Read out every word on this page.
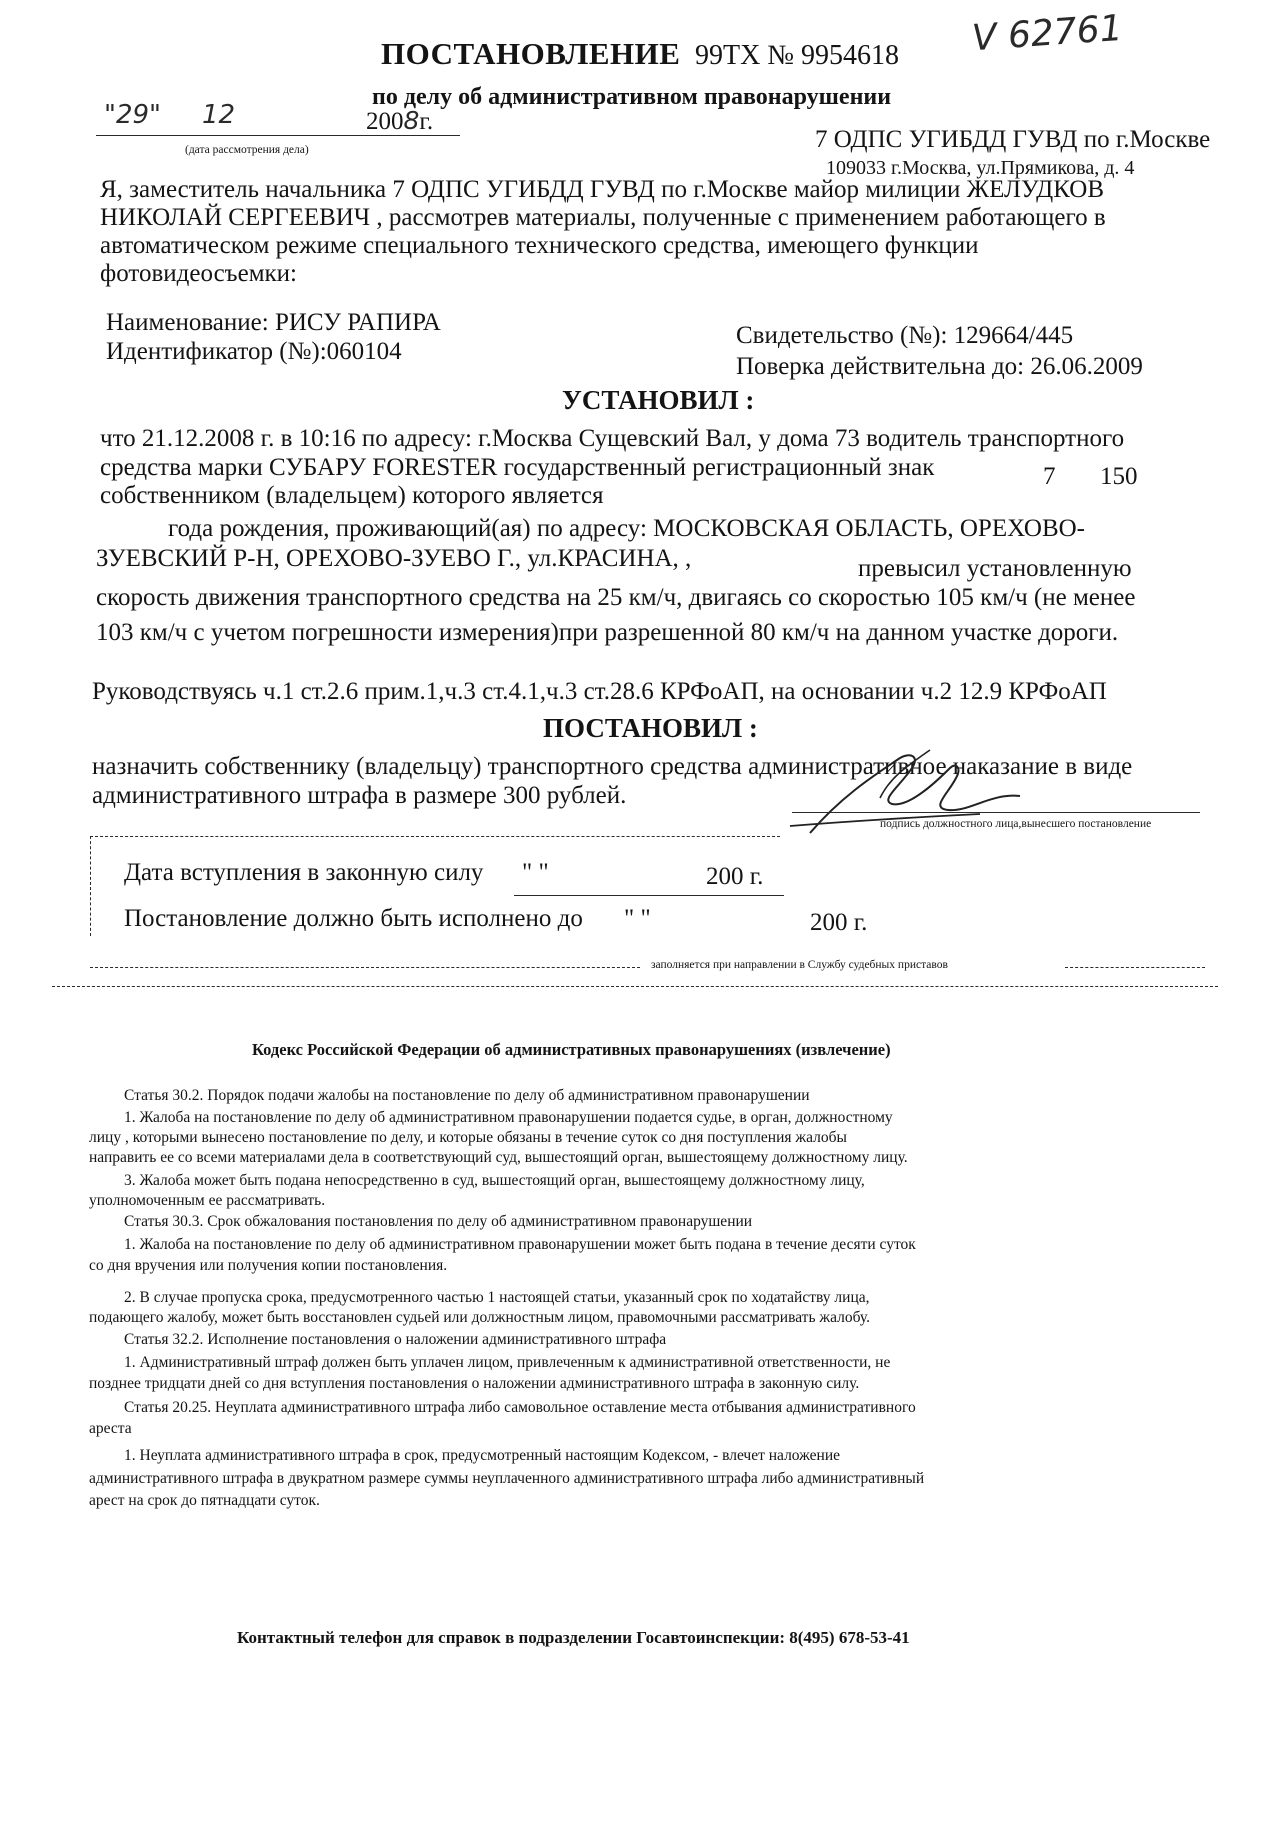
ПОСТАНОВЛЕНИЕ 99ТХ № 9954618 V 62761
по делу об административном правонарушении
"29" 12	2008г.
(дата рассмотрения дела)	7 ОДПС УГИБДД ГУВД по г.Москве
109033 г.Москва, ул.Прямикова, д. 4
Я, заместитель начальника 7 ОДПС УГИБДД ГУВД по г.Москве майор милиции ЖЕЛУДКОВ
НИКОЛАЙ СЕРГЕЕВИЧ , рассмотрев материалы, полученные с применением работающего в
автоматическом режиме специального технического средства, имеющего функции
фотовидеосъемки:
Наименование: РИСУ РАПИРА
Идентификатор (№):060104
Свидетельство (№): 129664/445
Поверка действительна до: 26.06.2009
УСТАНОВИЛ :
что 21.12.2008 г. в 10:16 по адресу: г.Москва Сущевский Вал, у дома 73 водитель транспортного
средства марки СУБАРУ FORESTER государственный регистрационный знак	7 150
собственником (владельцем) которого является
года рождения, проживающий(ая) по адресу: МОСКОВСКАЯ ОБЛАСТЬ, ОРЕХОВО-
ЗУЕВСКИЙ Р-Н, ОРЕХОВО-ЗУЕВО Г., ул.КРАСИНА, ,	превысил установленную
скорость движения транспортного средства на 25 км/ч, двигаясь со скоростью 105 км/ч (не менее
103 км/ч с учетом погрешности измерения)при разрешенной 80 км/ч на данном участке дороги.
Руководствуясь ч.1 ст.2.6 прим.1,ч.3 ст.4.1,ч.3 ст.28.6 КРФоАП, на основании ч.2 12.9 КРФоАП
ПОСТАНОВИЛ :
назначить собственнику (владельцу) транспортного средства административное наказание в виде
административного штрафа в размере 300 рублей.
подпись должностного лица,вынесшего постановление
Дата вступления в законную силу " "	200 г.
Постановление должно быть исполнено до " "	200 г.
заполняется при направлении в Службу судебных приставов
Кодекс Российской Федерации об административных правонарушениях (извлечение)
Статья 30.2. Порядок подачи жалобы на постановление по делу об административном правонарушении
1. Жалоба на постановление по делу об административном правонарушении подается судье, в орган, должностному
лицу , которыми вынесено постановление по делу, и которые обязаны в течение суток со дня поступления жалобы
направить ее со всеми материалами дела в соответствующий суд, вышестоящий орган, вышестоящему должностному лицу.
3. Жалоба может быть подана непосредственно в суд, вышестоящий орган, вышестоящему должностному лицу,
уполномоченным ее рассматривать.
Статья 30.3. Срок обжалования постановления по делу об административном правонарушении
1. Жалоба на постановление по делу об административном правонарушении может быть подана в течение десяти суток
со дня вручения или получения копии постановления.
2. В случае пропуска срока, предусмотренного частью 1 настоящей статьи, указанный срок по ходатайству лица,
подающего жалобу, может быть восстановлен судьей или должностным лицом, правомочными рассматривать жалобу.
Статья 32.2. Исполнение постановления о наложении административного штрафа
1. Административный штраф должен быть уплачен лицом, привлеченным к административной ответственности, не
позднее тридцати дней со дня вступления постановления о наложении административного штрафа в законную силу.
Статья 20.25. Неуплата административного штрафа либо самовольное оставление места отбывания административного
ареста
1. Неуплата административного штрафа в срок, предусмотренный настоящим Кодексом, - влечет наложение
административного штрафа в двукратном размере суммы неуплаченного административного штрафа либо административный
арест на срок до пятнадцати суток.
Контактный телефон для справок в подразделении Госавтоинспекции: 8(495) 678-53-41
